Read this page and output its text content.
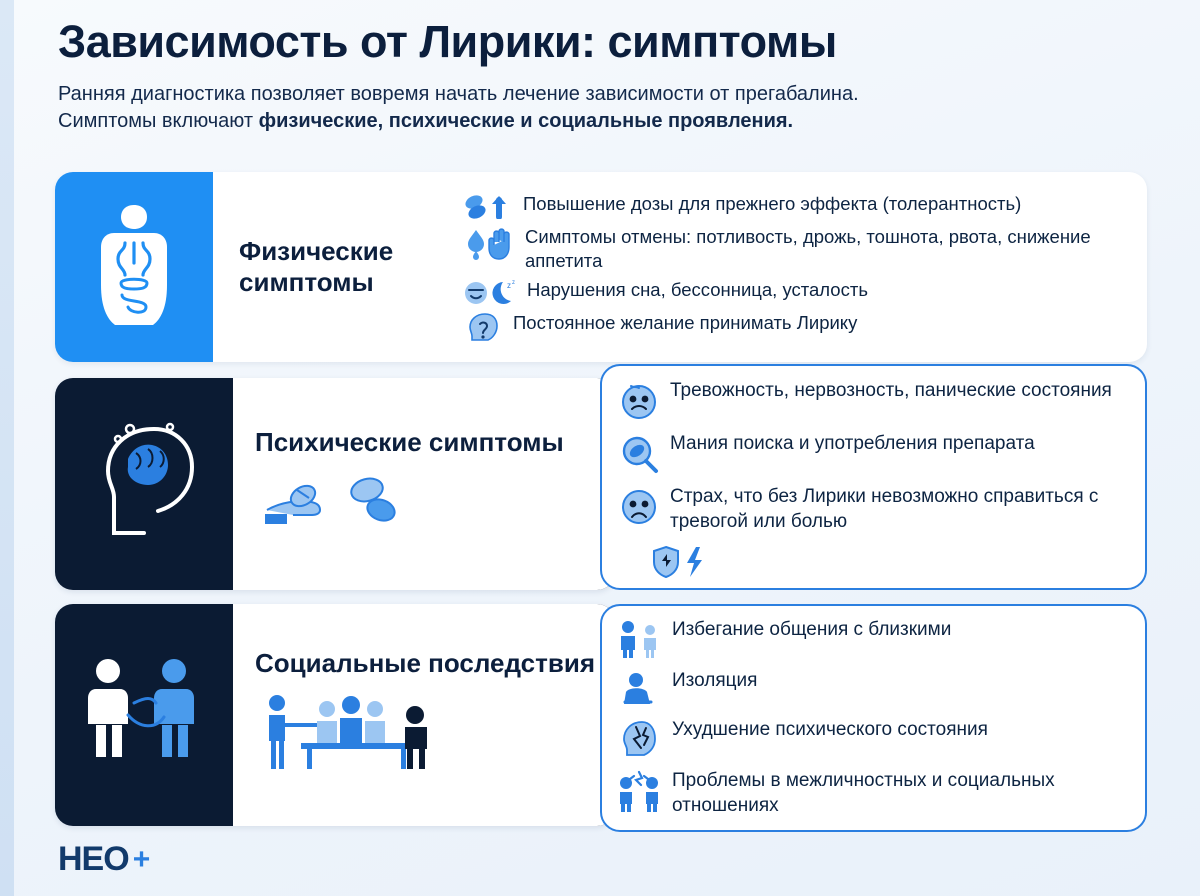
Зависимость от Лирики: симптомы

Ранняя диагностика позволяет вовремя начать лечение зависимости от прегабалина.
Симптомы включают физические, психические и социальные проявления.

Физические
симптомы
Повышение дозы для прежнего эффекта (толерантность)
Симптомы отмены: потливость, дрожь, тошнота, рвота, снижение аппетита
z z Нарушения сна, бессонница, усталость
Постоянное желание принимать Лирику
Психические симптомы
Тревожность, нервозность, панические состояния
Мания поиска и употребления препарата
Страх, что без Лирики невозможно справиться с тревогой или болью
Социальные последствия
Избегание общения с близкими
Изоляция
Ухудшение психического состояния
Проблемы в межличностных и социальных отношениях
НЕО +
